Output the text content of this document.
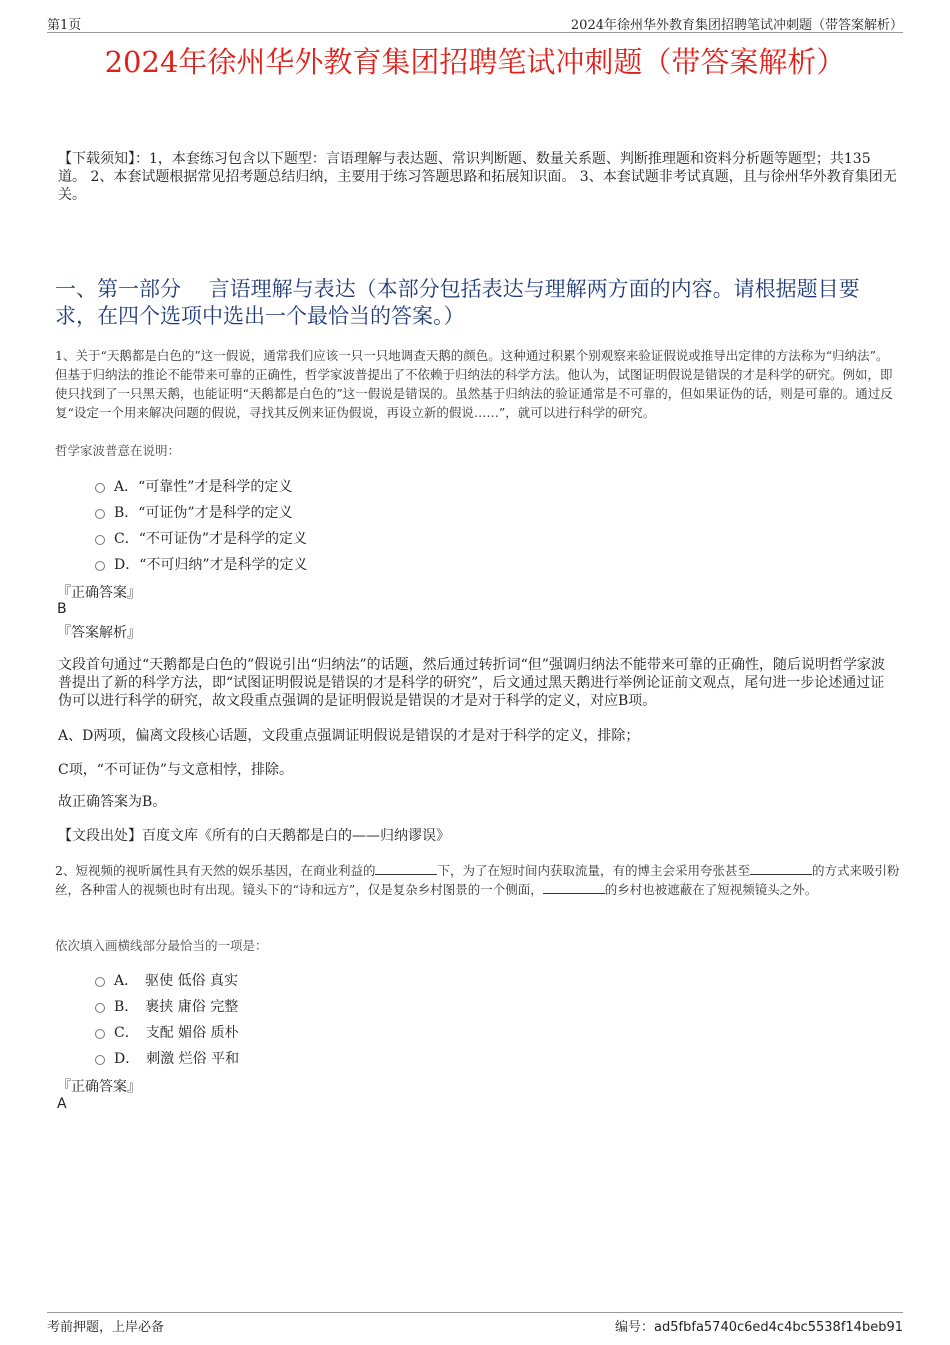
第1页	2024年徐州华外教育集团招聘笔试冲刺题（带答案解析）
2024年徐州华外教育集团招聘笔试冲刺题（带答案解析）
【下载须知】：1，本套练习包含以下题型：言语理解与表达题、常识判断题、数量关系题、判断推理题和资料分析题等题型；共135道。 2、本套试题根据常见招考题总结归纳，主要用于练习答题思路和拓展知识面。 3、本套试题非考试真题，且与徐州华外教育集团无关。
一、第一部分　 言语理解与表达（本部分包括表达与理解两方面的内容。请根据题目要求，在四个选项中选出一个最恰当的答案。）
1、关于“天鹅都是白色的”这一假说，通常我们应该一只一只地调查天鹅的颜色。这种通过积累个别观察来验证假说或推导出定律的方法称为“归纳法”。但基于归纳法的推论不能带来可靠的正确性，哲学家波普提出了不依赖于归纳法的科学方法。他认为，试图证明假说是错误的才是科学的研究。例如，即使只找到了一只黑天鹅，也能证明“天鹅都是白色的”这一假说是错误的。虽然基于归纳法的验证通常是不可靠的，但如果证伪的话，则是可靠的。通过反复“设定一个用来解决问题的假说，寻找其反例来证伪假说，再设立新的假说……”，就可以进行科学的研究。
哲学家波普意在说明：
A．“可靠性”才是科学的定义
B．“可证伪”才是科学的定义
C．“不可证伪”才是科学的定义
D．“不可归纳”才是科学的定义
『正确答案』
B
『答案解析』
文段首句通过“天鹅都是白色的”假说引出“归纳法”的话题，然后通过转折词“但”强调归纳法不能带来可靠的正确性，随后说明哲学家波普提出了新的科学方法，即“试图证明假说是错误的才是科学的研究”，后文通过黑天鹅进行举例论证前文观点，尾句进一步论述通过证伪可以进行科学的研究，故文段重点强调的是证明假说是错误的才是对于科学的定义，对应B项。
A、D两项，偏离文段核心话题，文段重点强调证明假说是错误的才是对于科学的定义，排除；
C项，“不可证伪”与文意相悖，排除。
故正确答案为B。
【文段出处】百度文库《所有的白天鹅都是白的——归纳谬误》
2、短视频的视听属性具有天然的娱乐基因，在商业利益的	下，为了在短时间内获取流量，有的博主会采用夸张甚至	的方式来吸引粉丝，各种雷人的视频也时有出现。镜头下的“诗和远方”，仅是复杂乡村图景的一个侧面，	的乡村也被遮蔽在了短视频镜头之外。
依次填入画横线部分最恰当的一项是：
A．　驱使 低俗 真实
B．　裹挟 庸俗 完整
C．　支配 媚俗 质朴
D．　刺激 烂俗 平和
『正确答案』
A
考前押题，上岸必备	编号：ad5fbfa5740c6ed4c4bc5538f14beb91
